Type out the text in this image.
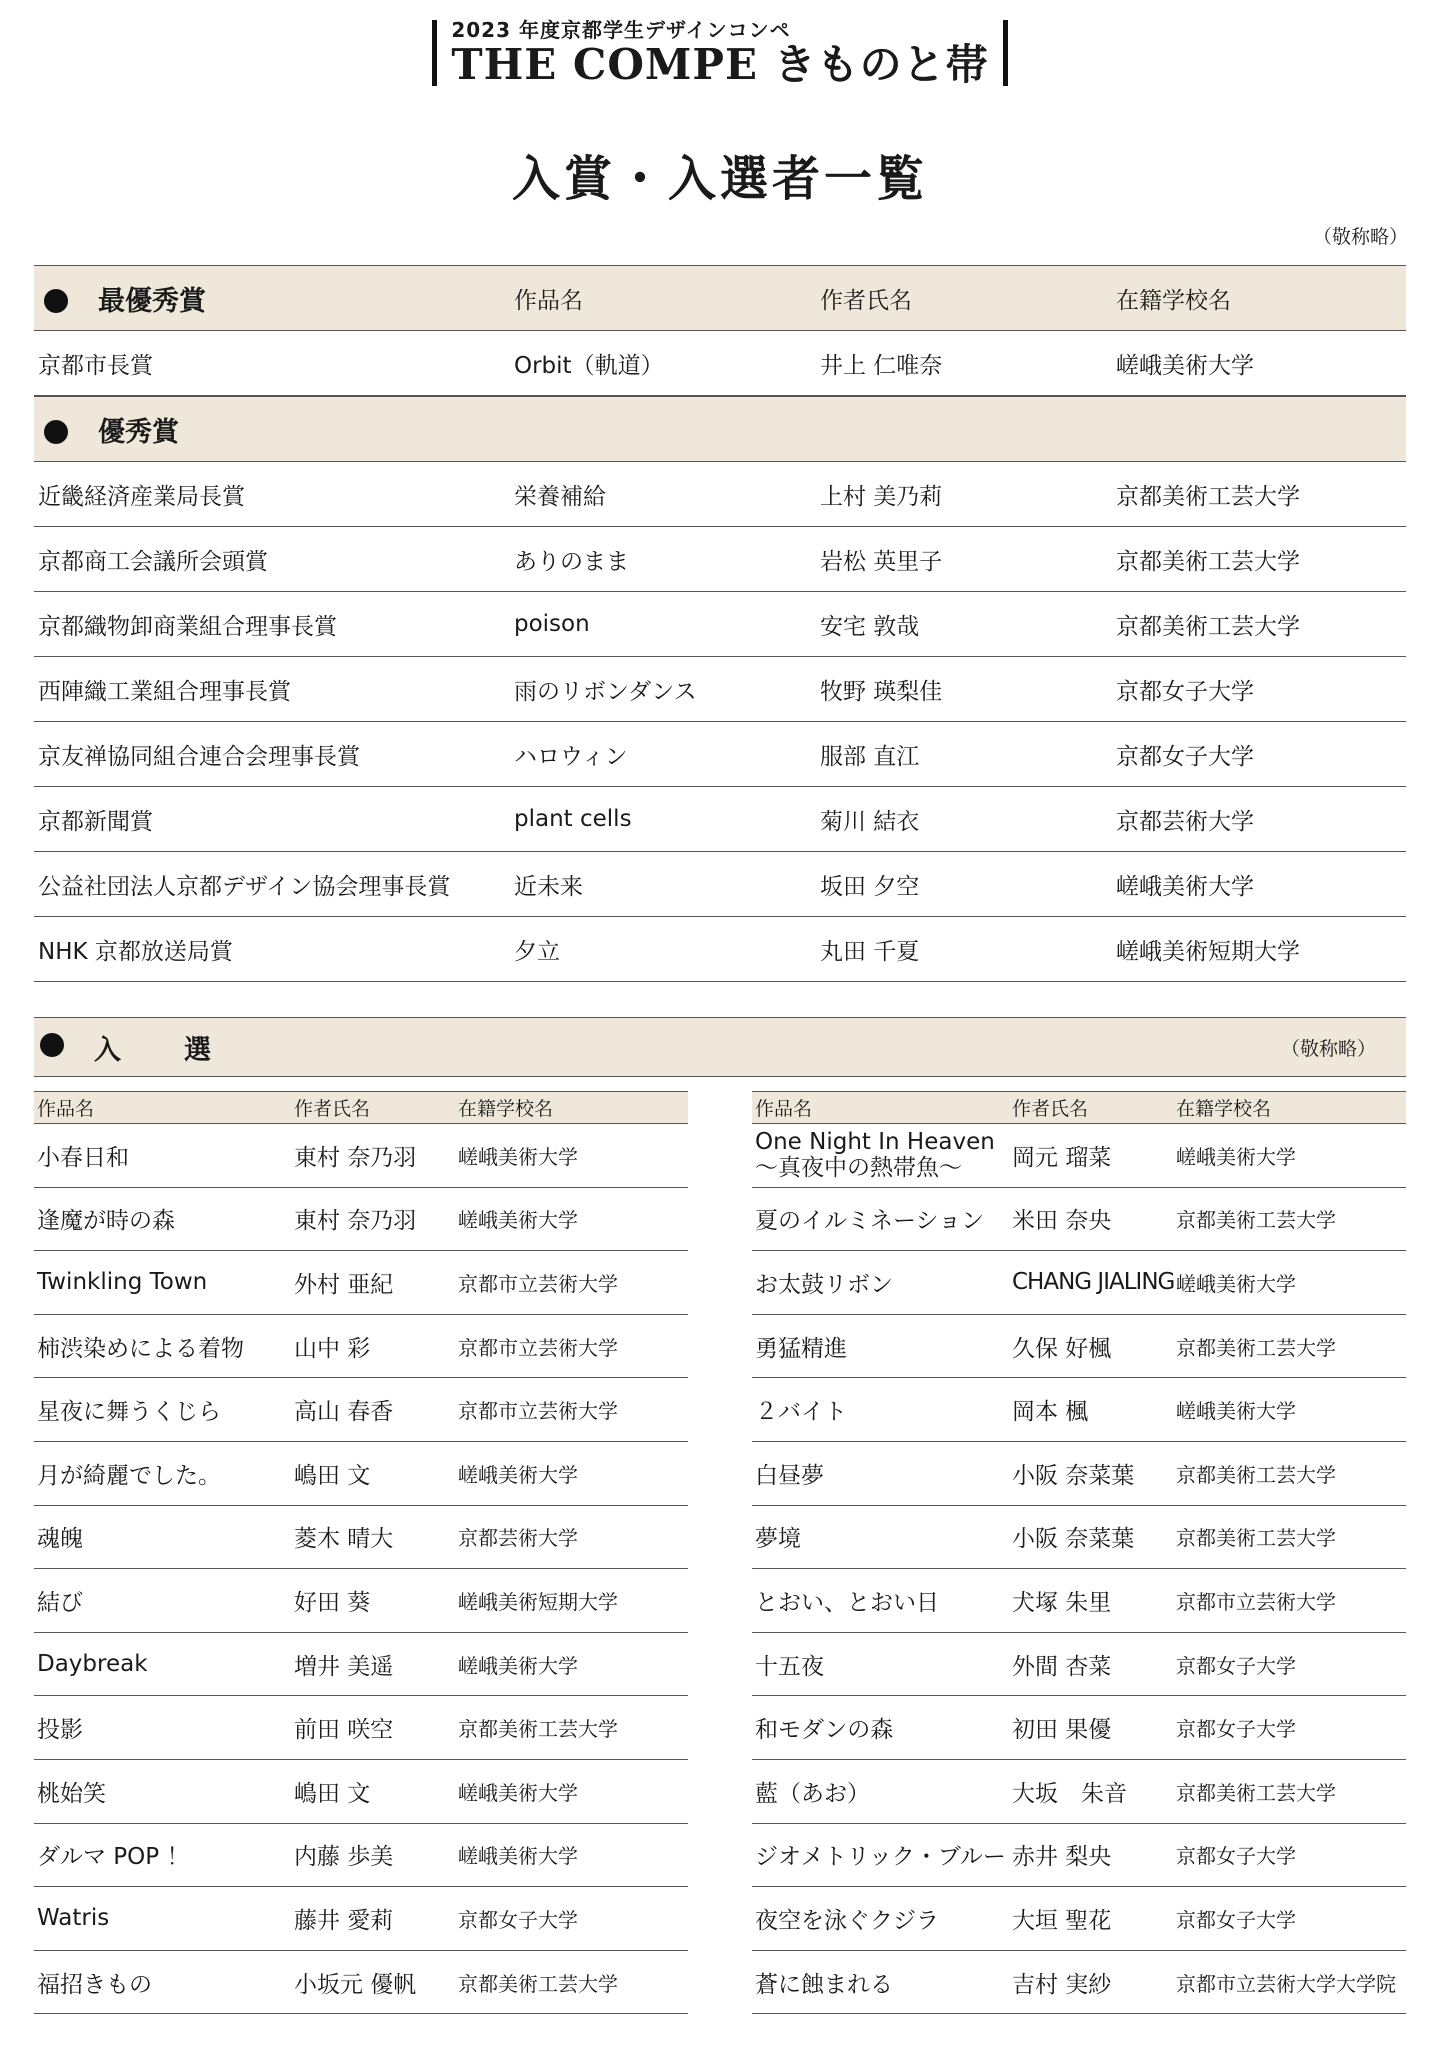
2023 年度京都学生デザインコンペ
THE COMPE きものと帯
入賞・入選者一覧
（敬称略）
最優秀賞	作品名	作者氏名	在籍学校名
京都市長賞	Orbit（軌道）	井上 仁唯奈	嵯峨美術大学
優秀賞
近畿経済産業局長賞	栄養補給	上村 美乃莉	京都美術工芸大学
京都商工会議所会頭賞	ありのまま	岩松 英里子	京都美術工芸大学
京都織物卸商業組合理事長賞	poison	安宅 敦哉	京都美術工芸大学
西陣織工業組合理事長賞	雨のリボンダンス	牧野 瑛梨佳	京都女子大学
京友禅協同組合連合会理事長賞	ハロウィン	服部 直江	京都女子大学
京都新聞賞	plant cells	菊川 結衣	京都芸術大学
公益社団法人京都デザイン協会理事長賞	近未来	坂田 夕空	嵯峨美術大学
NHK 京都放送局賞	夕立	丸田 千夏	嵯峨美術短期大学
入　選	（敬称略）
作品名	作者氏名	在籍学校名
小春日和	東村 奈乃羽	嵯峨美術大学
逢魔が時の森	東村 奈乃羽	嵯峨美術大学
Twinkling Town	外村 亜紀	京都市立芸術大学
柿渋染めによる着物	山中 彩	京都市立芸術大学
星夜に舞うくじら	高山 春香	京都市立芸術大学
月が綺麗でした。	嶋田 文	嵯峨美術大学
魂魄	菱木 晴大	京都芸術大学
結び	好田 葵	嵯峨美術短期大学
Daybreak	増井 美遥	嵯峨美術大学
投影	前田 咲空	京都美術工芸大学
桃始笑	嶋田 文	嵯峨美術大学
ダルマ POP ！	内藤 歩美	嵯峨美術大学
Watris	藤井 愛莉	京都女子大学
福招きもの	小坂元 優帆	京都美術工芸大学
作品名	作者氏名	在籍学校名
One Night In Heaven
～真夜中の熱帯魚～	岡元 瑠菜	嵯峨美術大学
夏のイルミネーション	米田 奈央	京都美術工芸大学
お太鼓リボン	CHANG JIALING 嵯峨美術大学
勇猛精進	久保 好楓	京都美術工芸大学
２バイト	岡本 楓	嵯峨美術大学
白昼夢	小阪 奈菜葉	京都美術工芸大学
夢境	小阪 奈菜葉	京都美術工芸大学
とおい、とおい日	犬塚 朱里	京都市立芸術大学
十五夜	外間 杏菜	京都女子大学
和モダンの森	初田 果優	京都女子大学
藍（あお）	大坂　朱音	京都美術工芸大学
ジオメトリック・ブルー 赤井 梨央	京都女子大学
夜空を泳ぐクジラ	大垣 聖花	京都女子大学
蒼に蝕まれる	吉村 実紗	京都市立芸術大学大学院
